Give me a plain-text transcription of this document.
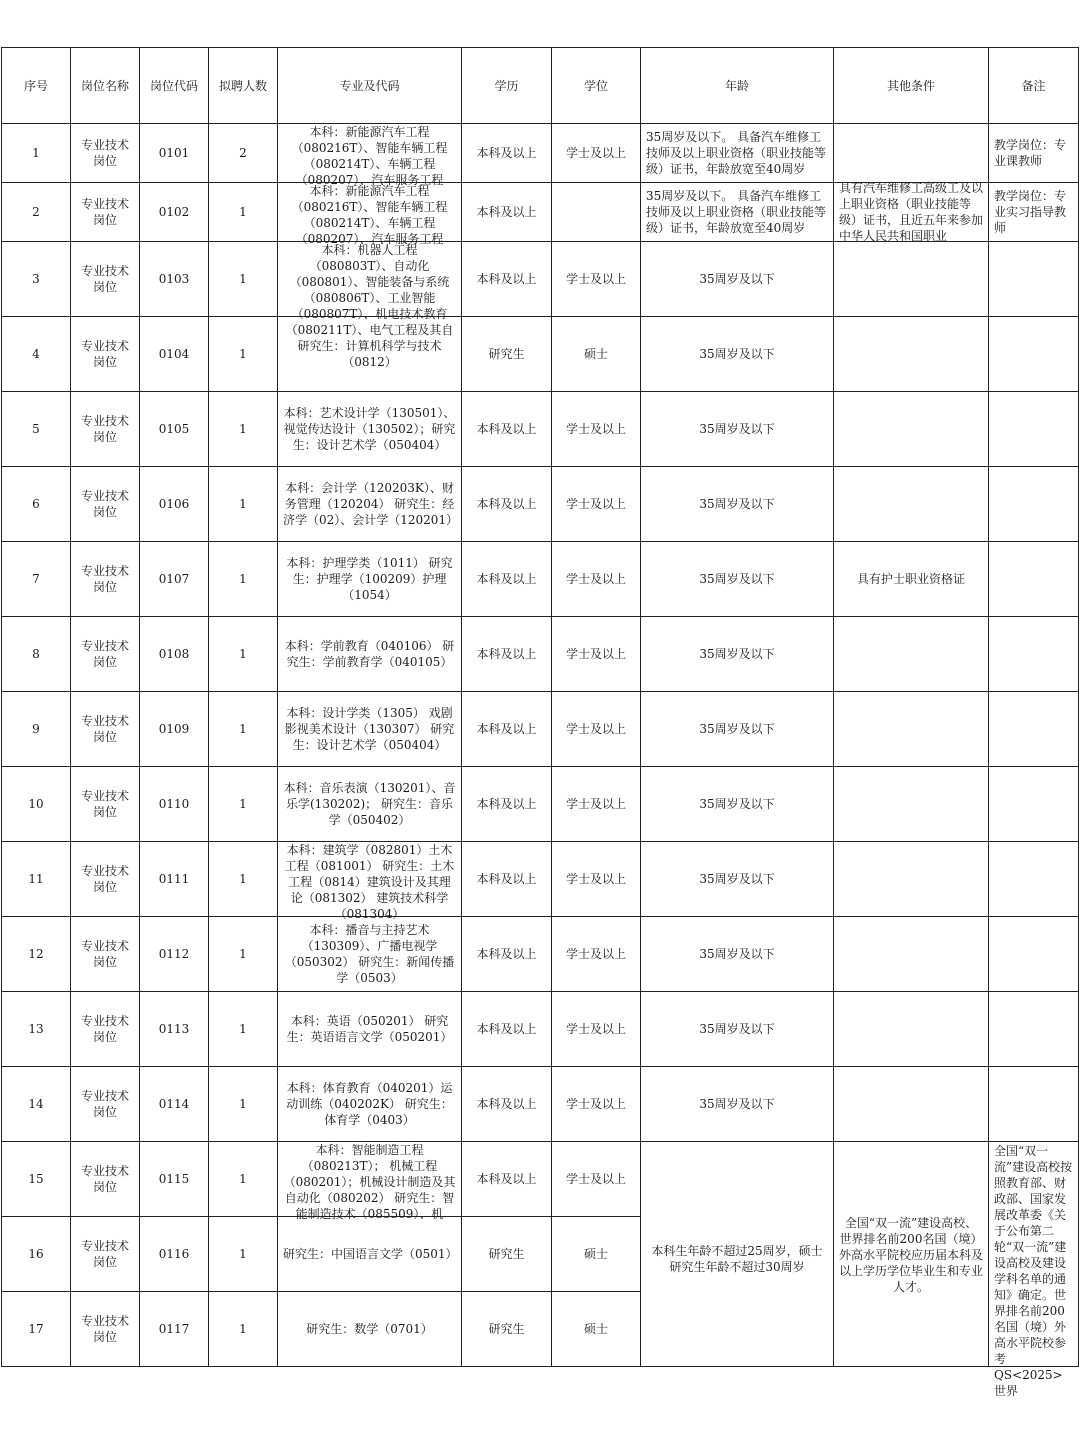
序号	岗位名称	岗位代码	拟聘人数	专业及代码	学历	学位	年龄	其他条件	备注

1	专业技术岗位	0101	2	本科：新能源汽车工程（080216T）、智能车辆工程（080214T）、车辆工程（080207）、汽车服务工程	本科及以上	学士及以上	35周岁及以下。 具备汽车维修工技师及以上职业资格（职业技能等级）证书，年龄放宽至40周岁		教学岗位：专业课教师

2	专业技术岗位	0102	1	本科：新能源汽车工程（080216T）、智能车辆工程（080214T）、车辆工程（080207）、汽车服务工程	本科及以上		35周岁及以下。 具备汽车维修工技师及以上职业资格（职业技能等级）证书，年龄放宽至40周岁	具有汽车维修工高级工及以上职业资格（职业技能等级）证书，且近五年来参加中华人民共和国职业	教学岗位：专业实习指导教师

3	专业技术岗位	0103	1	本科：机器人工程（080803T）、自动化（080801）、智能装备与系统（080806T）、工业智能（080807T）、机电技术教育（080211T）、电气工程及其自	本科及以上	学士及以上	35周岁及以下		

4	专业技术岗位	0104	1	研究生：计算机科学与技术（0812）	研究生	硕士	35周岁及以下		

5	专业技术岗位	0105	1	本科：艺术设计学（130501）、视觉传达设计（130502）；研究生：设计艺术学（050404）	本科及以上	学士及以上	35周岁及以下		

6	专业技术岗位	0106	1	本科：会计学（120203K）、财务管理（120204） 研究生：经济学（02）、会计学（120201）	本科及以上	学士及以上	35周岁及以下		

7	专业技术岗位	0107	1	本科：护理学类（1011） 研究生：护理学（100209）护理（1054）	本科及以上	学士及以上	35周岁及以下	具有护士职业资格证	

8	专业技术岗位	0108	1	本科：学前教育（040106） 研究生：学前教育学（040105）	本科及以上	学士及以上	35周岁及以下		

9	专业技术岗位	0109	1	本科：设计学类（1305） 戏剧影视美术设计（130307） 研究生：设计艺术学（050404）	本科及以上	学士及以上	35周岁及以下		

10	专业技术岗位	0110	1	本科：音乐表演（130201）、音乐学(130202)； 研究生：音乐学（050402）	本科及以上	学士及以上	35周岁及以下		

11	专业技术岗位	0111	1	本科：建筑学（082801）土木工程（081001） 研究生：土木工程（0814）建筑设计及其理论（081302） 建筑技术科学（081304）	本科及以上	学士及以上	35周岁及以下		

12	专业技术岗位	0112	1	本科：播音与主持艺术（130309）、广播电视学（050302） 研究生：新闻传播学（0503）	本科及以上	学士及以上	35周岁及以下		

13	专业技术岗位	0113	1	本科：英语（050201） 研究生：英语语言文学（050201）	本科及以上	学士及以上	35周岁及以下		

14	专业技术岗位	0114	1	本科：体育教育（040201）运动训练（040202K） 研究生：体育学（0403）	本科及以上	学士及以上	35周岁及以下		

15	专业技术岗位	0115	1	本科：智能制造工程（080213T）； 机械工程（080201）；机械设计制造及其自动化（080202） 研究生：智能制造技术（085509）、机	本科及以上	学士及以上	本科生年龄不超过25周岁，硕士研究生年龄不超过30周岁	全国“双一流”建设高校、世界排名前200名国（境）外高水平院校应历届本科及以上学历学位毕业生和专业人才。	全国“双一流”建设高校按照教育部、财政部、国家发展改革委《关于公布第二轮“双一流”建设高校及建设学科名单的通知》确定。世界排名前200名国（境）外高水平院校参考QS<2025>世界

16	专业技术岗位	0116	1	研究生：中国语言文学（0501）	研究生	硕士			

17	专业技术岗位	0117	1	研究生：数学（0701）	研究生	硕士			
